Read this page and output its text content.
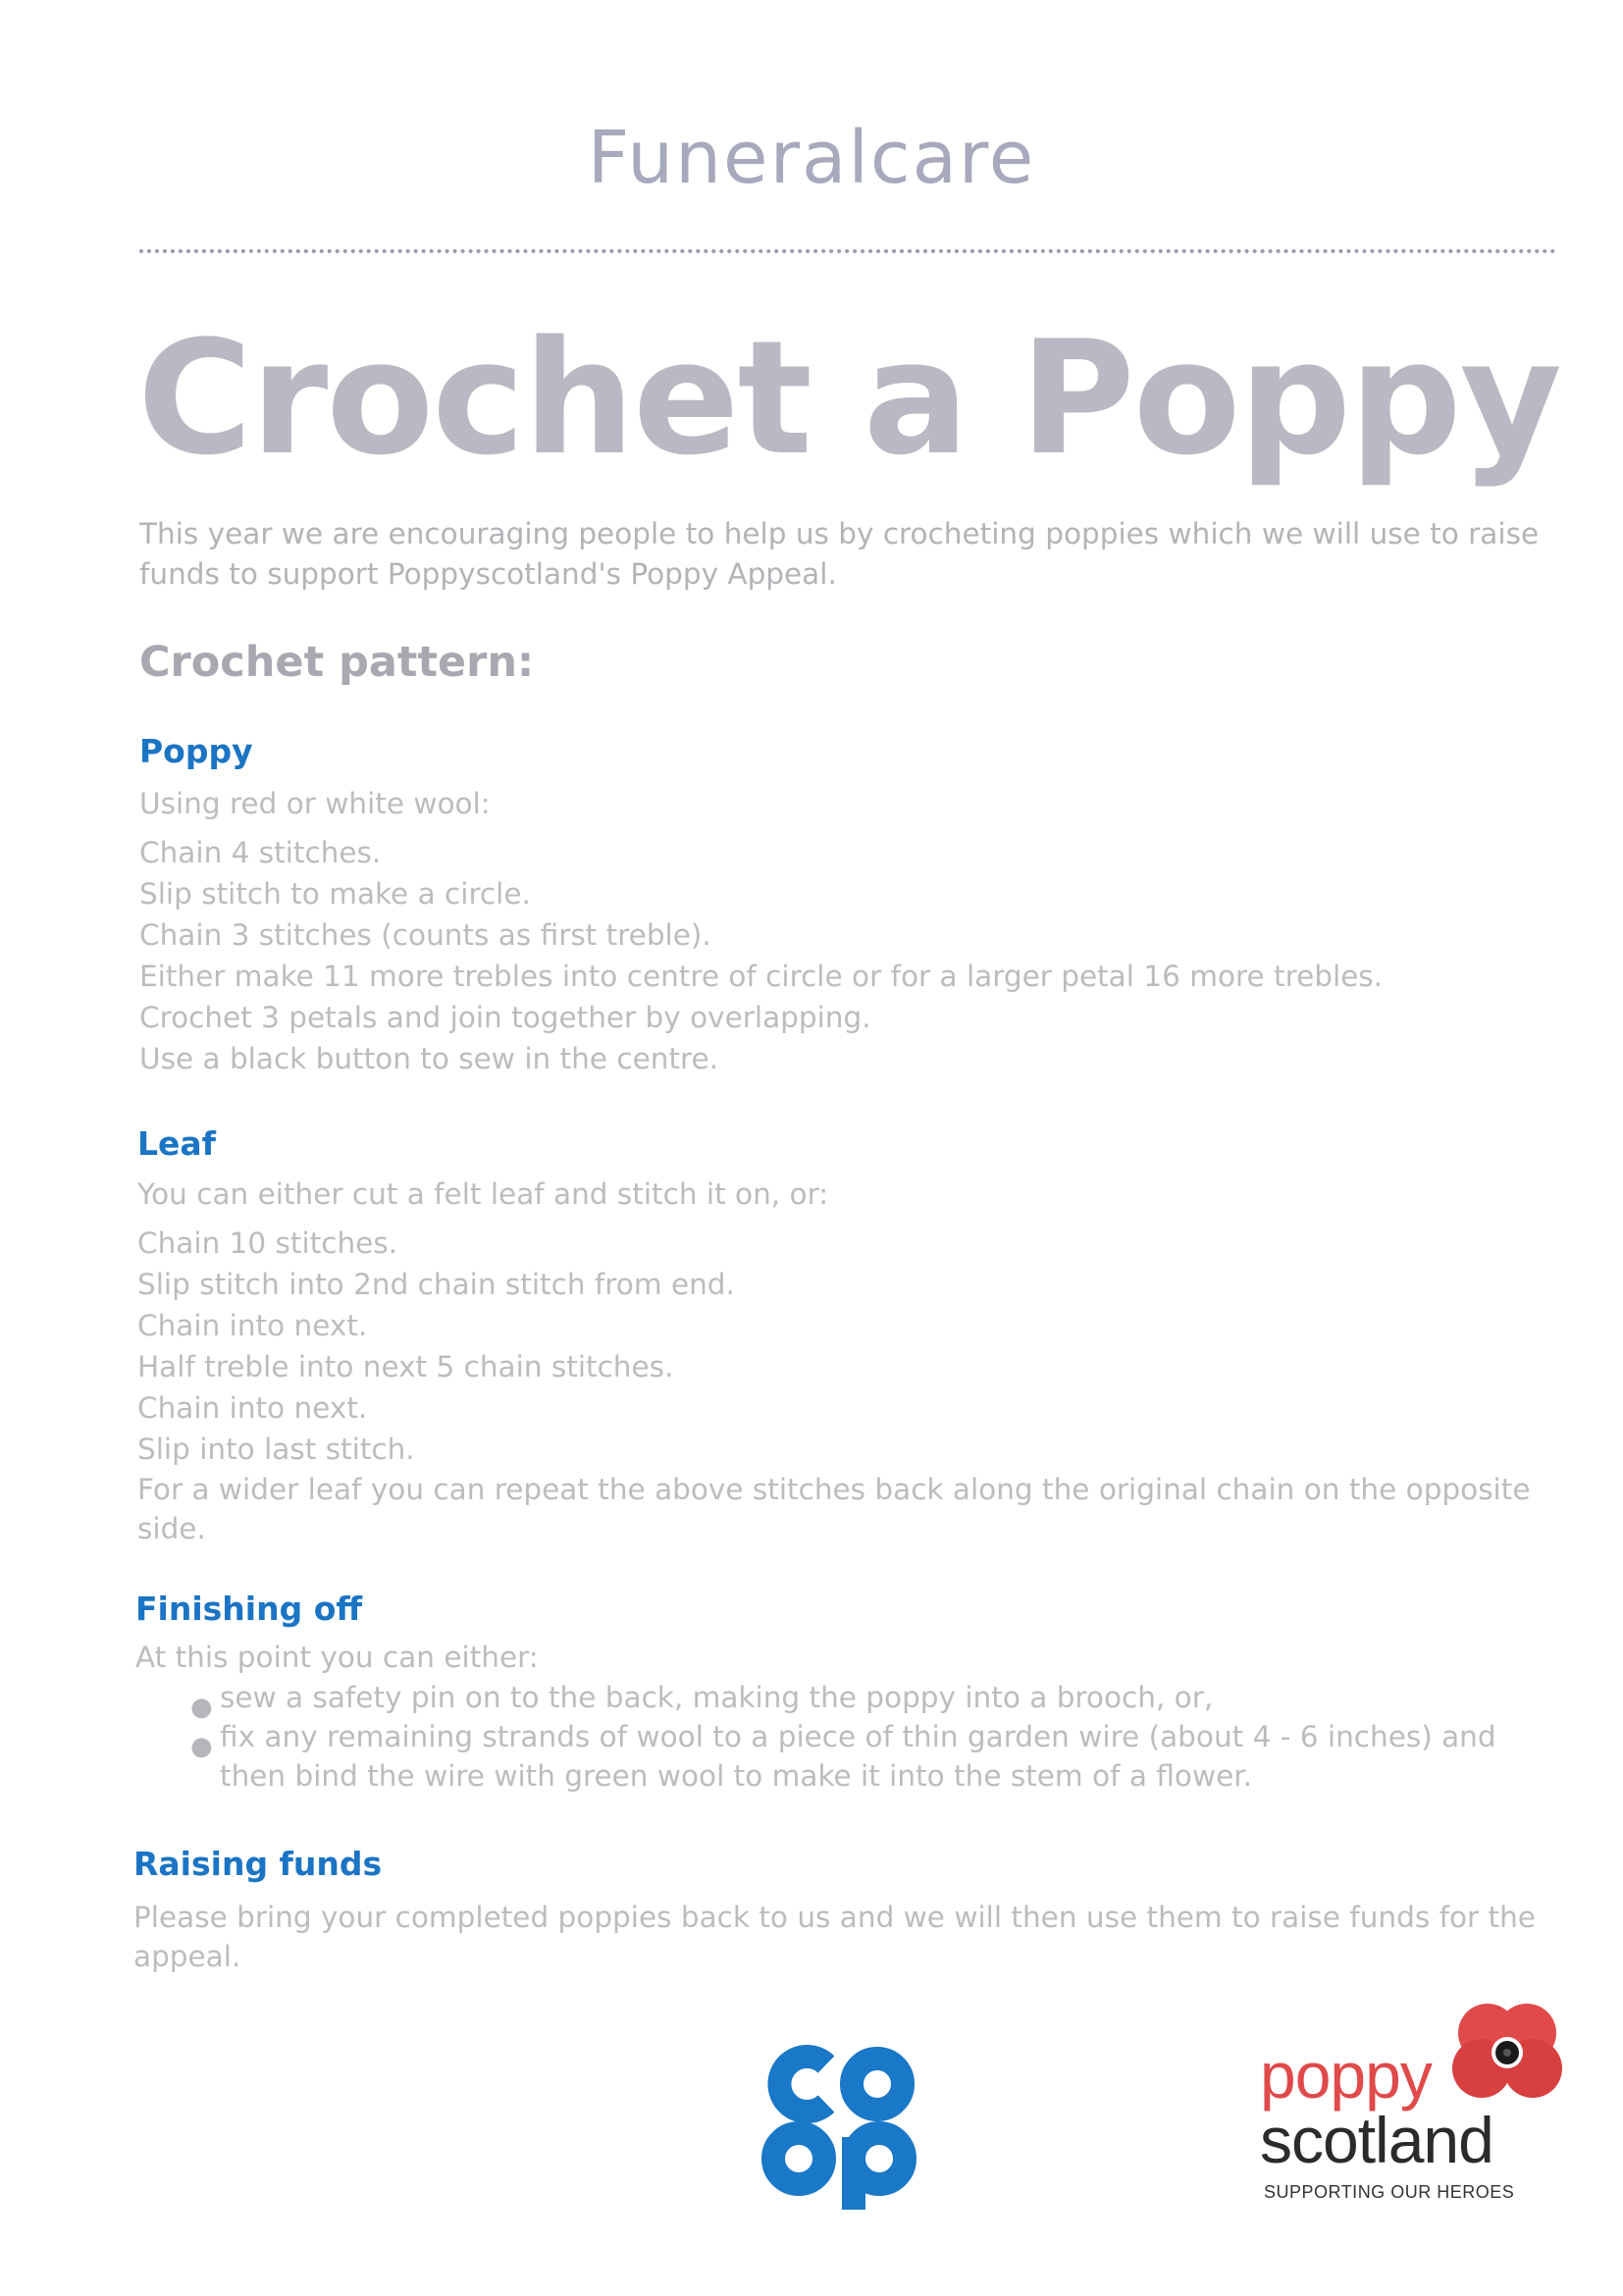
Funeralcare
Crochet a Poppy

This year we are encouraging people to help us by crocheting poppies which we will use to raise funds to support Poppyscotland's Poppy Appeal.

Crochet pattern:
Poppy
Using red or white wool:
Chain 4 stitches.
Slip stitch to make a circle.
Chain 3 stitches (counts as first treble).
Either make 11 more trebles into centre of circle or for a larger petal 16 more trebles.
Crochet 3 petals and join together by overlapping.
Use a black button to sew in the centre.
Leaf
You can either cut a felt leaf and stitch it on, or:
Chain 10 stitches.
Slip stitch into 2nd chain stitch from end.
Chain into next.
Half treble into next 5 chain stitches.
Chain into next.
Slip into last stitch.
For a wider leaf you can repeat the above stitches back along the original chain on the opposite side.
Finishing off
At this point you can either:
● sew a safety pin on to the back, making the poppy into a brooch, or,
● fix any remaining strands of wool to a piece of thin garden wire (about 4 - 6 inches) and then bind the wire with green wool to make it into the stem of a flower.
Raising funds

Please bring your completed poppies back to us and we will then use them to raise funds for the appeal.

poppy
scotland
SUPPORTING OUR HEROES
